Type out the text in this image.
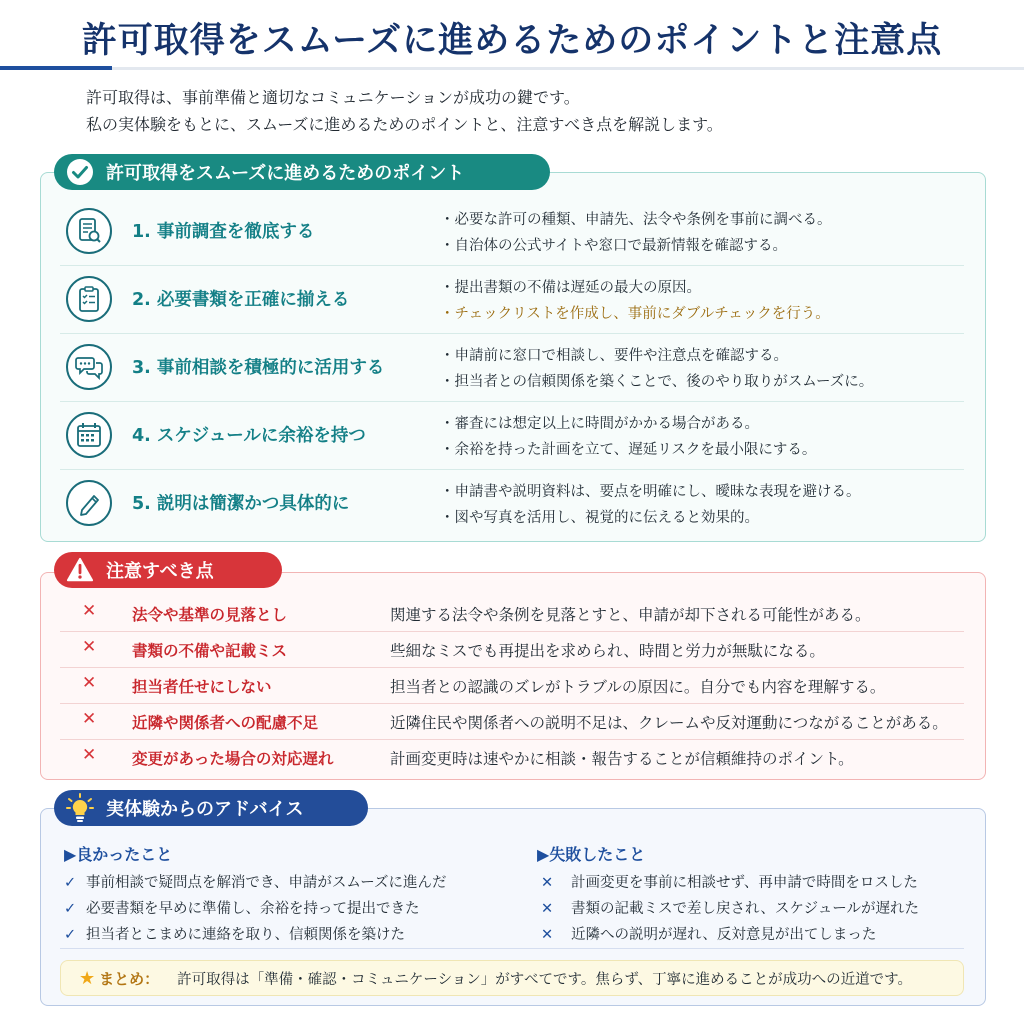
許可取得をスムーズに進めるためのポイントと注意点
許可取得は、事前準備と適切なコミュニケーションが成功の鍵です。
私の実体験をもとに、スムーズに進めるためのポイントと、注意すべき点を解説します。
許可取得をスムーズに進めるためのポイント
1. 事前調査を徹底する
・必要な許可の種類、申請先、法令や条例を事前に調べる。
・自治体の公式サイトや窓口で最新情報を確認する。
2. 必要書類を正確に揃える
・提出書類の不備は遅延の最大の原因。
・チェックリストを作成し、事前にダブルチェックを行う。
3. 事前相談を積極的に活用する
・申請前に窓口で相談し、要件や注意点を確認する。
・担当者との信頼関係を築くことで、後のやり取りがスムーズに。
4. スケジュールに余裕を持つ
・審査には想定以上に時間がかかる場合がある。
・余裕を持った計画を立て、遅延リスクを最小限にする。
5. 説明は簡潔かつ具体的に
・申請書や説明資料は、要点を明確にし、曖昧な表現を避ける。
・図や写真を活用し、視覚的に伝えると効果的。
注意すべき点
✕ 法令や基準の見落とし	関連する法令や条例を見落とすと、申請が却下される可能性がある。
✕ 書類の不備や記載ミス	些細なミスでも再提出を求められ、時間と労力が無駄になる。
✕ 担当者任せにしない	担当者との認識のズレがトラブルの原因に。自分でも内容を理解する。
✕ 近隣や関係者への配慮不足	近隣住民や関係者への説明不足は、クレームや反対運動につながることがある。
✕ 変更があった場合の対応遅れ	計画変更時は速やかに相談・報告することが信頼維持のポイント。
実体験からのアドバイス
▶良かったこと
✓ 事前相談で疑問点を解消でき、申請がスムーズに進んだ
✓ 必要書類を早めに準備し、余裕を持って提出できた
✓ 担当者とこまめに連絡を取り、信頼関係を築けた
▶失敗したこと
✕ 計画変更を事前に相談せず、再申請で時間をロスした
✕ 書類の記載ミスで差し戻され、スケジュールが遅れた
✕ 近隣への説明が遅れ、反対意見が出てしまった
★ まとめ： 許可取得は「準備・確認・コミュニケーション」がすべてです。焦らず、丁寧に進めることが成功への近道です。
